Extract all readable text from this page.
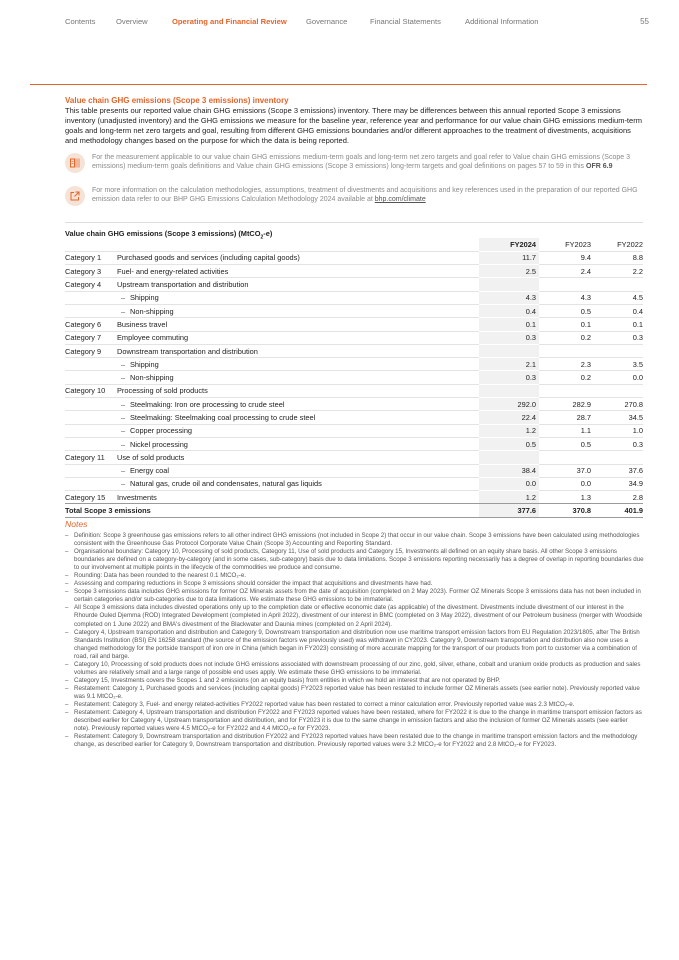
Contents	Overview	Operating and Financial Review	Governance	Financial Statements	Additional Information	55
Value chain GHG emissions (Scope 3 emissions) inventory

This table presents our reported value chain GHG emissions (Scope 3 emissions) inventory. There may be differences between this annual reported Scope 3 emissions inventory (unadjusted inventory) and the GHG emissions we measure for the baseline year, reference year and performance for our value chain GHG emissions medium-term goals and long-term net zero targets and goal, resulting from different GHG emissions boundaries and/or different approaches to the treatment of divestments, acquisitions and methodology changes based on the purpose for which the data is being reported.

For the measurement applicable to our value chain GHG emissions medium-term goals and long-term net zero targets and goal refer to Value chain GHG emissions (Scope 3 emissions) medium-term goals definitions and Value chain GHG emissions (Scope 3 emissions) long-term targets and goal definitions on pages 57 to 59 in this OFR 6.9

For more information on the calculation methodologies, assumptions, treatment of divestments and acquisitions and key references used in the preparation of our reported GHG emission data refer to our BHP GHG Emissions Calculation Methodology 2024 available at bhp.com/climate

Value chain GHG emissions (Scope 3 emissions) (MtCO$_2$-e)
		FY2024	FY2023	FY2022
Category 1	Purchased goods and services (including capital goods)	11.7	9.4	8.8
Category 3	Fuel- and energy-related activities	2.5	2.4	2.2
Category 4	Upstream transportation and distribution			
	– Shipping	4.3	4.3	4.5
	– Non-shipping	0.4	0.5	0.4
Category 6	Business travel	0.1	0.1	0.1
Category 7	Employee commuting	0.3	0.2	0.3
Category 9	Downstream transportation and distribution			
	– Shipping	2.1	2.3	3.5
	– Non-shipping	0.3	0.2	0.0
Category 10	Processing of sold products			
	– Steelmaking: Iron ore processing to crude steel	292.0	282.9	270.8
	– Steelmaking: Steelmaking coal processing to crude steel	22.4	28.7	34.5
	– Copper processing	1.2	1.1	1.0
	– Nickel processing	0.5	0.5	0.3
Category 11	Use of sold products			
	– Energy coal	38.4	37.0	37.6
	– Natural gas, crude oil and condensates, natural gas liquids	0.0	0.0	34.9
Category 15	Investments	1.2	1.3	2.8
Total Scope 3 emissions		377.6	370.8	401.9
Notes
– Definition: Scope 3 greenhouse gas emissions refers to all other indirect GHG emissions (not included in Scope 2) that occur in our value chain. Scope 3 emissions have been calculated using methodologies consistent with the Greenhouse Gas Protocol Corporate Value Chain (Scope 3) Accounting and Reporting Standard.
– Organisational boundary: Category 10, Processing of sold products, Category 11, Use of sold products and Category 15, Investments all defined on an equity share basis. All other Scope 3 emissions boundaries are defined on a category-by-category (and in some cases, sub-category) basis due to data limitations. Scope 3 emissions reporting necessarily has a degree of overlap in reporting boundaries due to our involvement at multiple points in the lifecycle of the commodities we produce and consume.
– Rounding: Data has been rounded to the nearest 0.1 MtCO₂-e.
– Assessing and comparing reductions in Scope 3 emissions should consider the impact that acquisitions and divestments have had.
– Scope 3 emissions data includes GHG emissions for former OZ Minerals assets from the date of acquisition (completed on 2 May 2023). Former OZ Minerals Scope 3 emissions data has not been included in certain categories and/or sub-categories due to data limitations. We estimate these GHG emissions to be immaterial.
– All Scope 3 emissions data includes divested operations only up to the completion date or effective economic date (as applicable) of the divestment. Divestments include divestment of our interest in the Rhourde Ouled Djemma (ROD) Integrated Development (completed in April 2022), divestment of our interest in BMC (completed on 3 May 2022), divestment of our Petroleum business (merger with Woodside completed on 1 June 2022) and BMA's divestment of the Blackwater and Daunia mines (completed on 2 April 2024).
– Category 4, Upstream transportation and distribution and Category 9, Downstream transportation and distribution now use maritime transport emission factors from EU Regulation 2023/1805, after The British Standards Institution (BSI) EN 16258 standard (the source of the emission factors we previously used) was withdrawn in CY2023. Category 9, Downstream transportation and distribution also now uses a changed methodology for the portside transport of iron ore in China (which began in FY2023) consisting of more accurate mapping for the transport of our products from port to customer via a combination of road, rail and barge.
– Category 10, Processing of sold products does not include GHG emissions associated with downstream processing of our zinc, gold, silver, ethane, cobalt and uranium oxide products as production and sales volumes are relatively small and a large range of possible end uses apply. We estimate these GHG emissions to be immaterial.
– Category 15, Investments covers the Scopes 1 and 2 emissions (on an equity basis) from entities in which we hold an interest that are not operated by BHP.
– Restatement: Category 1, Purchased goods and services (including capital goods) FY2023 reported value has been restated to include former OZ Minerals assets (see earlier note). Previously reported value was 9.1 MtCO₂-e.
– Restatement: Category 3, Fuel- and energy related-activities FY2022 reported value has been restated to correct a minor calculation error. Previously reported value was 2.3 MtCO₂-e.
– Restatement: Category 4, Upstream transportation and distribution FY2022 and FY2023 reported values have been restated, where for FY2022 it is due to the change in maritime transport emission factors as described earlier for Category 4, Upstream transportation and distribution, and for FY2023 it is due to the same change in emission factors and also the inclusion of former OZ Minerals assets (see earlier note). Previously reported values were 4.5 MtCO₂-e for FY2022 and 4.4 MtCO₂-e for FY2023.
– Restatement: Category 9, Downstream transportation and distribution FY2022 and FY2023 reported values have been restated due to the change in maritime transport emission factors and the methodology change, as described earlier for Category 9, Downstream transportation and distribution. Previously reported values were 3.2 MtCO₂-e for FY2022 and 2.8 MtCO₂-e for FY2023.
